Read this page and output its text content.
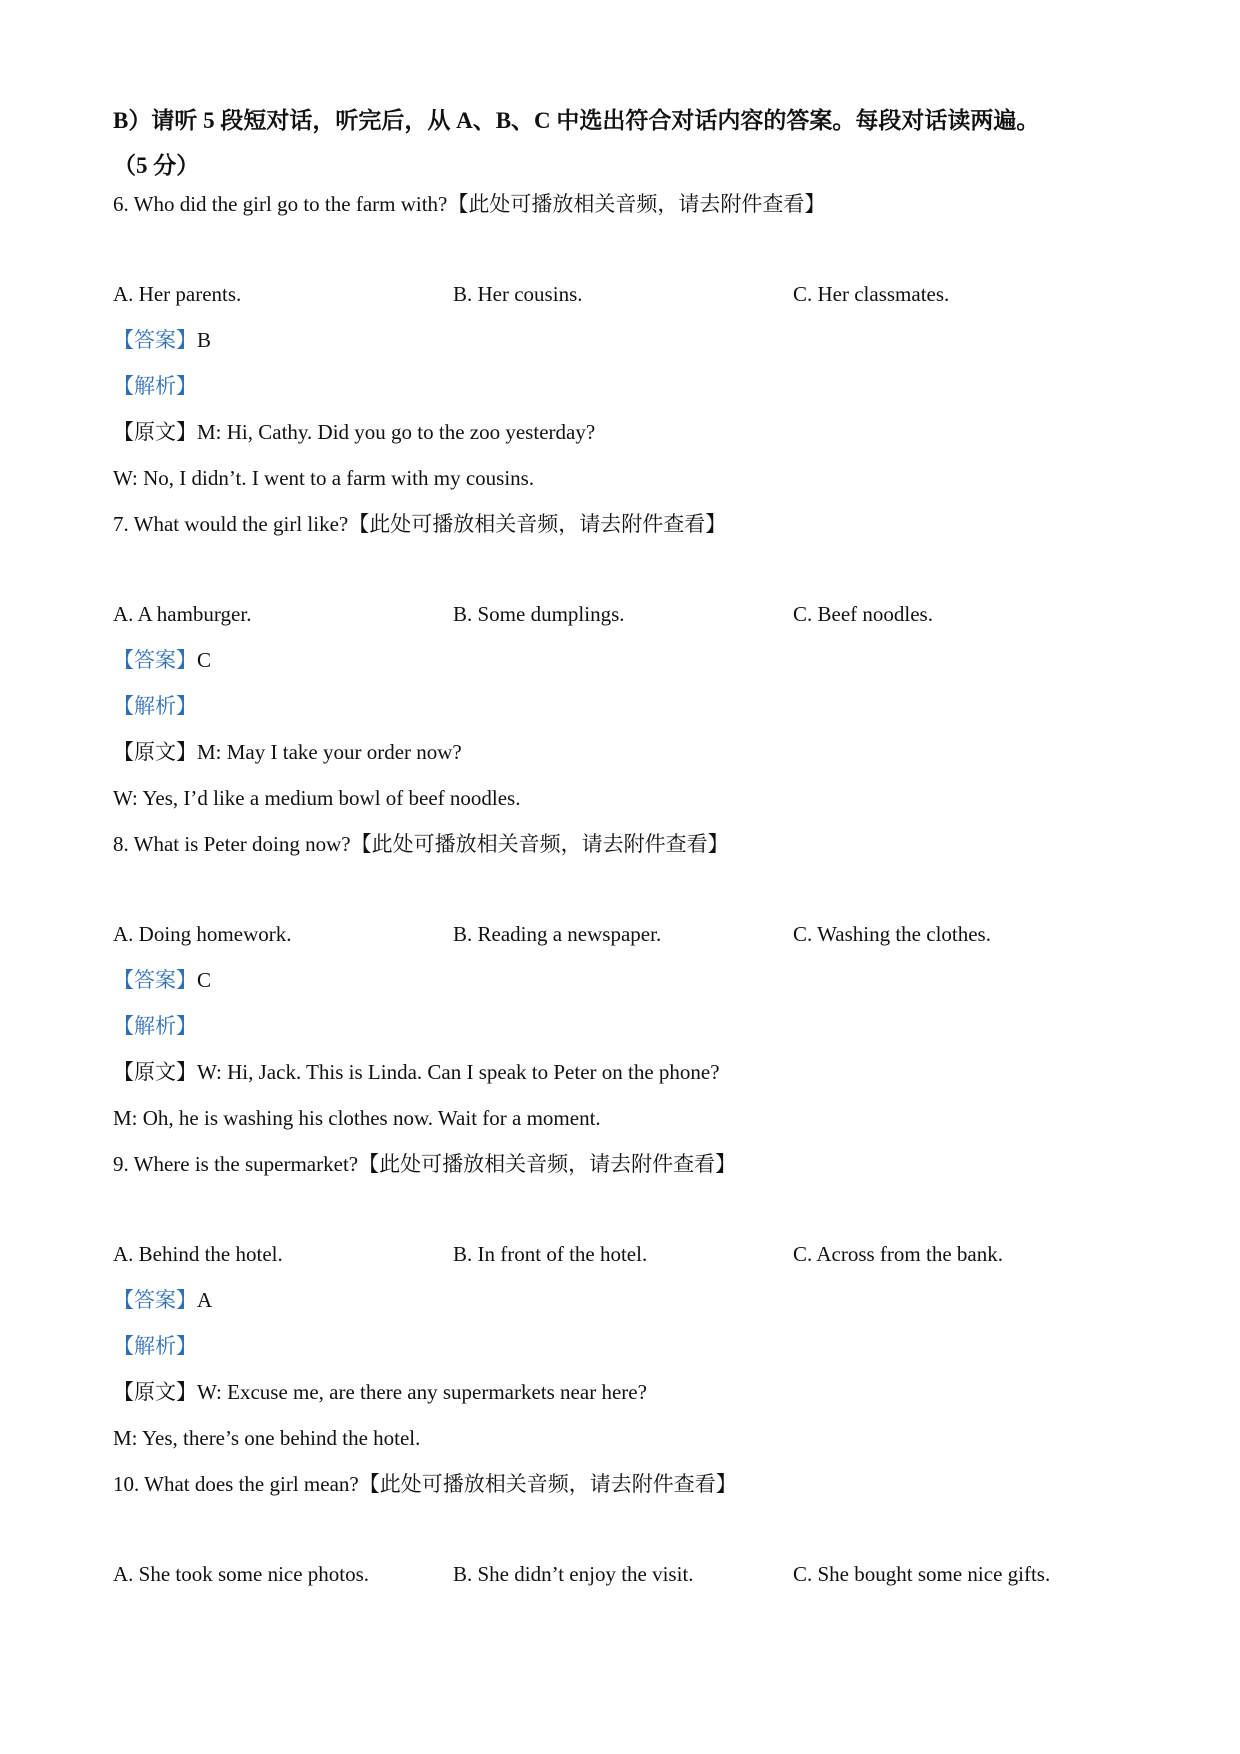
B）请听 5 段短对话，听完后，从 A、B、C 中选出符合对话内容的答案。每段对话读两遍。
（5 分）
6. Who did the girl go to the farm with?【此处可播放相关音频，请去附件查看】
A. Her parents.	B. Her cousins.	C. Her classmates.
【答案】B
【解析】
【原文】M: Hi, Cathy. Did you go to the zoo yesterday?
W: No, I didn’t. I went to a farm with my cousins.
7. What would the girl like?【此处可播放相关音频，请去附件查看】
A. A hamburger.	B. Some dumplings.	C. Beef noodles.
【答案】C
【解析】
【原文】M: May I take your order now?
W: Yes, I’d like a medium bowl of beef noodles.
8. What is Peter doing now?【此处可播放相关音频，请去附件查看】
A. Doing homework.	B. Reading a newspaper.	C. Washing the clothes.
【答案】C
【解析】
【原文】W: Hi, Jack. This is Linda. Can I speak to Peter on the phone?
M: Oh, he is washing his clothes now. Wait for a moment.
9. Where is the supermarket?【此处可播放相关音频，请去附件查看】
A. Behind the hotel.	B. In front of the hotel.	C. Across from the bank.
【答案】A
【解析】
【原文】W: Excuse me, are there any supermarkets near here?
M: Yes, there’s one behind the hotel.
10. What does the girl mean?【此处可播放相关音频，请去附件查看】
A. She took some nice photos.	B. She didn’t enjoy the visit.	C. She bought some nice gifts.
